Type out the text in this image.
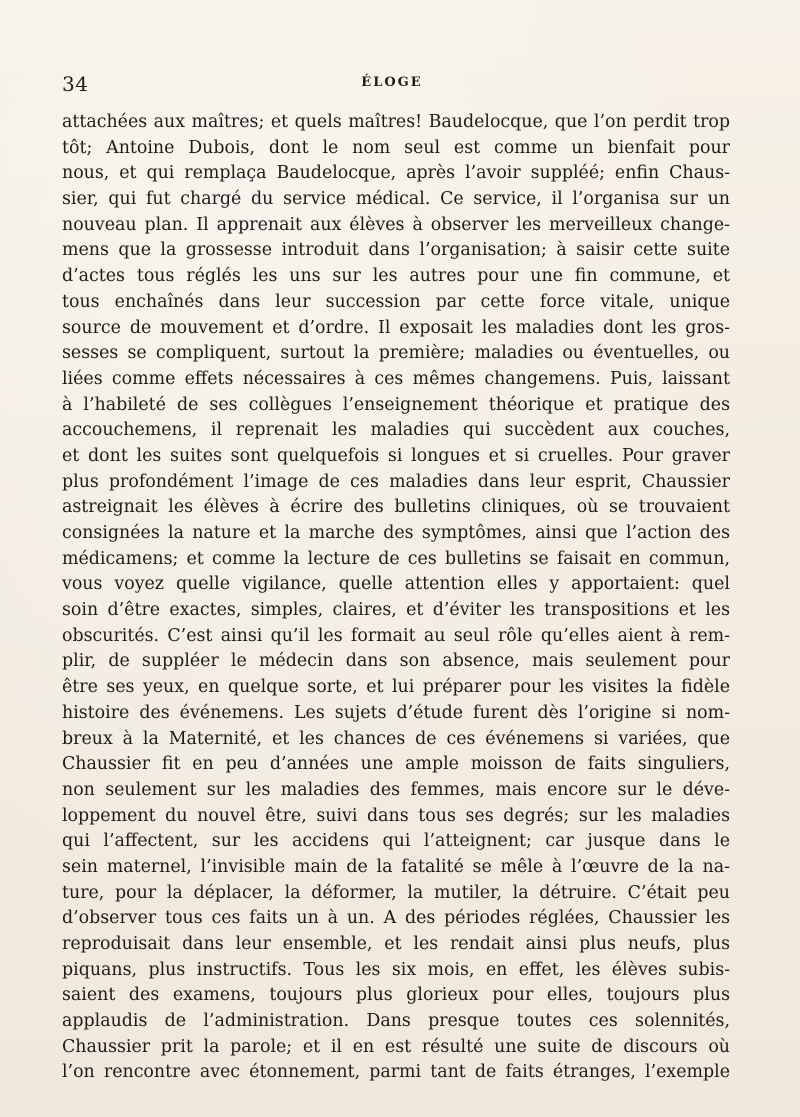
34	ÉLOGE
attachées aux maîtres; et quels maîtres! Baudelocque, que l’on perdit trop
tôt; Antoine Dubois, dont le nom seul est comme un bienfait pour
nous, et qui remplaça Baudelocque, après l’avoir suppléé; enfin Chaus-
sier, qui fut chargé du service médical. Ce service, il l’organisa sur un
nouveau plan. Il apprenait aux élèves à observer les merveilleux change-
mens que la grossesse introduit dans l’organisation; à saisir cette suite
d’actes tous réglés les uns sur les autres pour une fin commune, et
tous enchaînés dans leur succession par cette force vitale, unique
source de mouvement et d’ordre. Il exposait les maladies dont les gros-
sesses se compliquent, surtout la première; maladies ou éventuelles, ou
liées comme effets nécessaires à ces mêmes changemens. Puis, laissant
à l’habileté de ses collègues l’enseignement théorique et pratique des
accouchemens, il reprenait les maladies qui succèdent aux couches,
et dont les suites sont quelquefois si longues et si cruelles. Pour graver
plus profondément l’image de ces maladies dans leur esprit, Chaussier
astreignait les élèves à écrire des bulletins cliniques, où se trouvaient
consignées la nature et la marche des symptômes, ainsi que l’action des
médicamens; et comme la lecture de ces bulletins se faisait en commun,
vous voyez quelle vigilance, quelle attention elles y apportaient: quel
soin d’être exactes, simples, claires, et d’éviter les transpositions et les
obscurités. C’est ainsi qu’il les formait au seul rôle qu’elles aient à rem-
plir, de suppléer le médecin dans son absence, mais seulement pour
être ses yeux, en quelque sorte, et lui préparer pour les visites la fidèle
histoire des événemens. Les sujets d’étude furent dès l’origine si nom-
breux à la Maternité, et les chances de ces événemens si variées, que
Chaussier fit en peu d’années une ample moisson de faits singuliers,
non seulement sur les maladies des femmes, mais encore sur le déve-
loppement du nouvel être, suivi dans tous ses degrés; sur les maladies
qui l’affectent, sur les accidens qui l’atteignent; car jusque dans le
sein maternel, l’invisible main de la fatalité se mêle à l’œuvre de la na-
ture, pour la déplacer, la déformer, la mutiler, la détruire. C’était peu
d’observer tous ces faits un à un. A des périodes réglées, Chaussier les
reproduisait dans leur ensemble, et les rendait ainsi plus neufs, plus
piquans, plus instructifs. Tous les six mois, en effet, les élèves subis-
saient des examens, toujours plus glorieux pour elles, toujours plus
applaudis de l’administration. Dans presque toutes ces solennités,
Chaussier prit la parole; et il en est résulté une suite de discours où
l’on rencontre avec étonnement, parmi tant de faits étranges, l’exemple
